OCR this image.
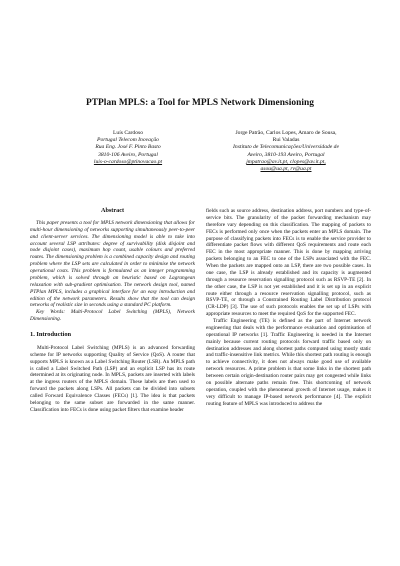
PTPlan MPLS: a Tool for MPLS Network Dimensioning
Luís Cardoso
Portugal Telecom Inovação
Rua Eng. José F. Pinto Basto
3810-106 Aveiro, Portugal
luis-o-cardoso@ptinovacao.pt
Jorge Patrão, Carlos Lopes, Amaro de Sousa,
Rui Valadas
Instituto de Telecomunicações/Universidade de
Aveiro, 3810-193 Aveiro, Portugal
jmpatrao@av.it.pt, clopes@av.it.pt,
asou@ua.pt, rv@ua.pt
Abstract

This paper presents a tool for MPLS network dimensioning that allows for multi-hour dimensioning of networks supporting simultaneously peer-to-peer and client-server services. The dimensioning model is able to take into account several LSP attributes: degree of survivability (disk disjoint and node disjoint cases), maximum hop count, usable colours and preferred routes. The dimensioning problem is a combined capacity design and routing problem where the LSP sets are calculated in order to minimise the network operational costs. This problem is formulated as an integer programming problem, which is solved through an heuristic based on Lagrangean relaxation with sub-gradient optimisation. The network design tool, named PTPlan MPLS, includes a graphical interface for an easy introduction and edition of the network parameters. Results show that the tool can design networks of realistic size in seconds using a standard PC platform.

Key Words: Multi-Protocol Label Switching (MPLS), Network Dimensioning.

1. Introduction

Multi-Protocol Label Switching (MPLS) is an advanced forwarding scheme for IP networks supporting Quality of Service (QoS). A router that supports MPLS is known as a Label Switching Router (LSR). An MPLS path is called a Label Switched Path (LSP) and an explicit LSP has its route determined at its originating node. In MPLS, packets are inserted with labels at the ingress routers of the MPLS domain. These labels are then used to forward the packets along LSPs. All packets can be divided into subsets called Forward Equivalence Classes (FECs) [1]. The idea is that packets belonging to the same subset are forwarded in the same manner. Classification into FECs is done using packet filters that examine header

fields such as source address, destination address, port numbers and type-of-service bits. The granularity of the packet forwarding mechanism may therefore vary depending on this classification. The mapping of packets to FECs is performed only once when the packets enter an MPLS domain. The purpose of classifying packets into FECs is to enable the service provider to differentiate packet flows with different QoS requirements and route each FEC in the most appropriate manner. This is done by mapping arriving packets belonging to an FEC to one of the LSPs associated with the FEC. When the packets are mapped onto an LSP, there are two possible cases. In one case, the LSP is already established and its capacity is augmented through a resource reservation signalling protocol such as RSVP-TE [2]. In the other case, the LSP is not yet established and it is set up in an explicit route either through a resource reservation signalling protocol, such as RSVP-TE, or through a Constrained Routing Label Distribution protocol (CR-LDP) [3]. The use of such protocols enables the set up of LSPs with appropriate resources to meet the required QoS for the supported FEC.

Traffic Engineering (TE) is defined as the part of Internet network engineering that deals with the performance evaluation and optimisation of operational IP networks [1]. Traffic Engineering is needed in the Internet mainly because current routing protocols forward traffic based only on destination addresses and along shortest paths computed using mostly static and traffic-insensitive link metrics. While this shortest path routing is enough to achieve connectivity, it does not always make good use of available network resources. A prime problem is that some links in the shortest path between certain origin-destination router pairs may get congested while links on possible alternate paths remain free. This shortcoming of network operation, coupled with the phenomenal growth of Internet usage, makes it very difficult to manage IP-based network performance [4]. The explicit routing feature of MPLS was introduced to address the
